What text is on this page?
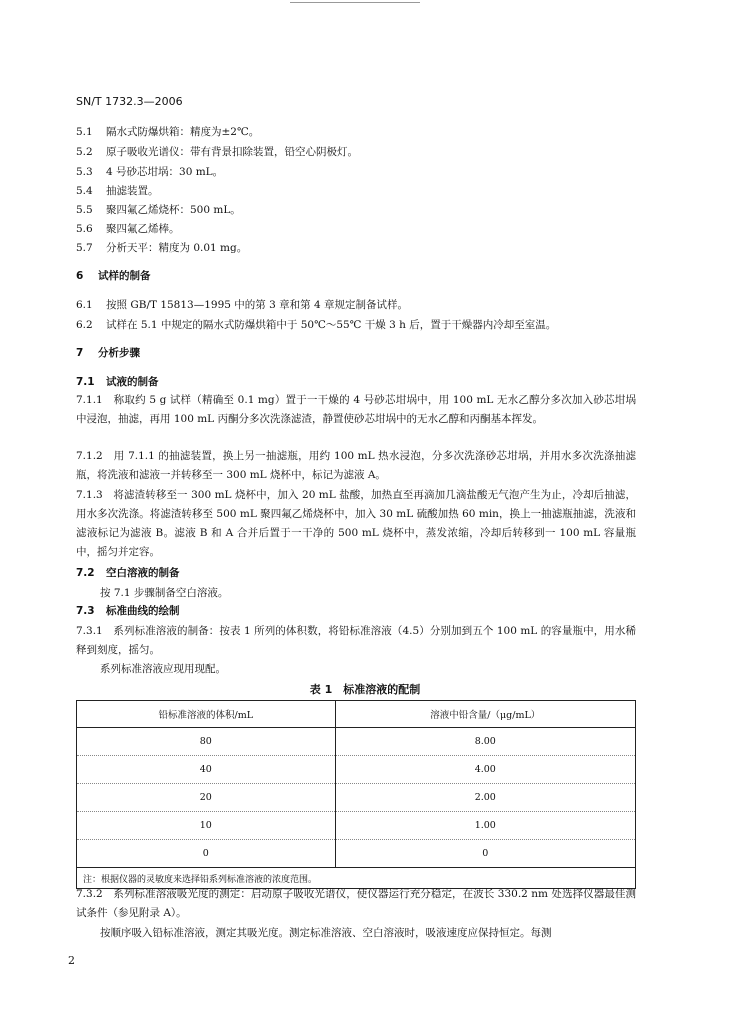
SN/T 1732.3—2006
5.1 隔水式防爆烘箱：精度为±2℃。
5.2 原子吸收光谱仪：带有背景扣除装置，铅空心阴极灯。
5.3 4 号砂芯坩埚：30 mL。
5.4 抽滤装置。
5.5 聚四氟乙烯烧杯：500 mL。
5.6 聚四氟乙烯棒。
5.7 分析天平：精度为 0.01 mg。
6 试样的制备
6.1 按照 GB/T 15813—1995 中的第 3 章和第 4 章规定制备试样。
6.2 试样在 5.1 中规定的隔水式防爆烘箱中于 50℃～55℃ 干燥 3 h 后，置于干燥器内冷却至室温。
7 分析步骤
7.1 试液的制备
7.1.1　称取约 5 g 试样（精确至 0.1 mg）置于一干燥的 4 号砂芯坩埚中，用 100 mL 无水乙醇分多次加入砂芯坩埚中浸泡，抽滤，再用 100 mL 丙酮分多次洗涤滤渣，静置使砂芯坩埚中的无水乙醇和丙酮基本挥发。
7.1.2　用 7.1.1 的抽滤装置，换上另一抽滤瓶，用约 100 mL 热水浸泡，分多次洗涤砂芯坩埚，并用水多次洗涤抽滤瓶，将洗液和滤液一并转移至一 300 mL 烧杯中，标记为滤液 A。
7.1.3　将滤渣转移至一 300 mL 烧杯中，加入 20 mL 盐酸，加热直至再滴加几滴盐酸无气泡产生为止，冷却后抽滤，用水多次洗涤。将滤渣转移至 500 mL 聚四氟乙烯烧杯中，加入 30 mL 硫酸加热 60 min，换上一抽滤瓶抽滤，洗液和滤液标记为滤液 B。滤液 B 和 A 合并后置于一干净的 500 mL 烧杯中，蒸发浓缩，冷却后转移到一 100 mL 容量瓶中，摇匀并定容。
7.2 空白溶液的制备
按 7.1 步骤制备空白溶液。
7.3 标准曲线的绘制
7.3.1　系列标准溶液的制备：按表 1 所列的体积数，将铅标准溶液（4.5）分别加到五个 100 mL 的容量瓶中，用水稀释到刻度，摇匀。
系列标准溶液应现用现配。
表 1　标准溶液的配制
铅标准溶液的体积/mL	溶液中铅含量/（μg/mL）
80	8.00
40	4.00
20	2.00
10	1.00
0	0
注：根据仪器的灵敏度来选择铅系列标准溶液的浓度范围。	
7.3.2　系列标准溶液吸光度的测定：启动原子吸收光谱仪，使仪器运行充分稳定，在波长 330.2 nm 处选择仪器最佳测试条件（参见附录 A）。
按顺序吸入铅标准溶液，测定其吸光度。测定标准溶液、空白溶液时，吸液速度应保持恒定。每测
2
